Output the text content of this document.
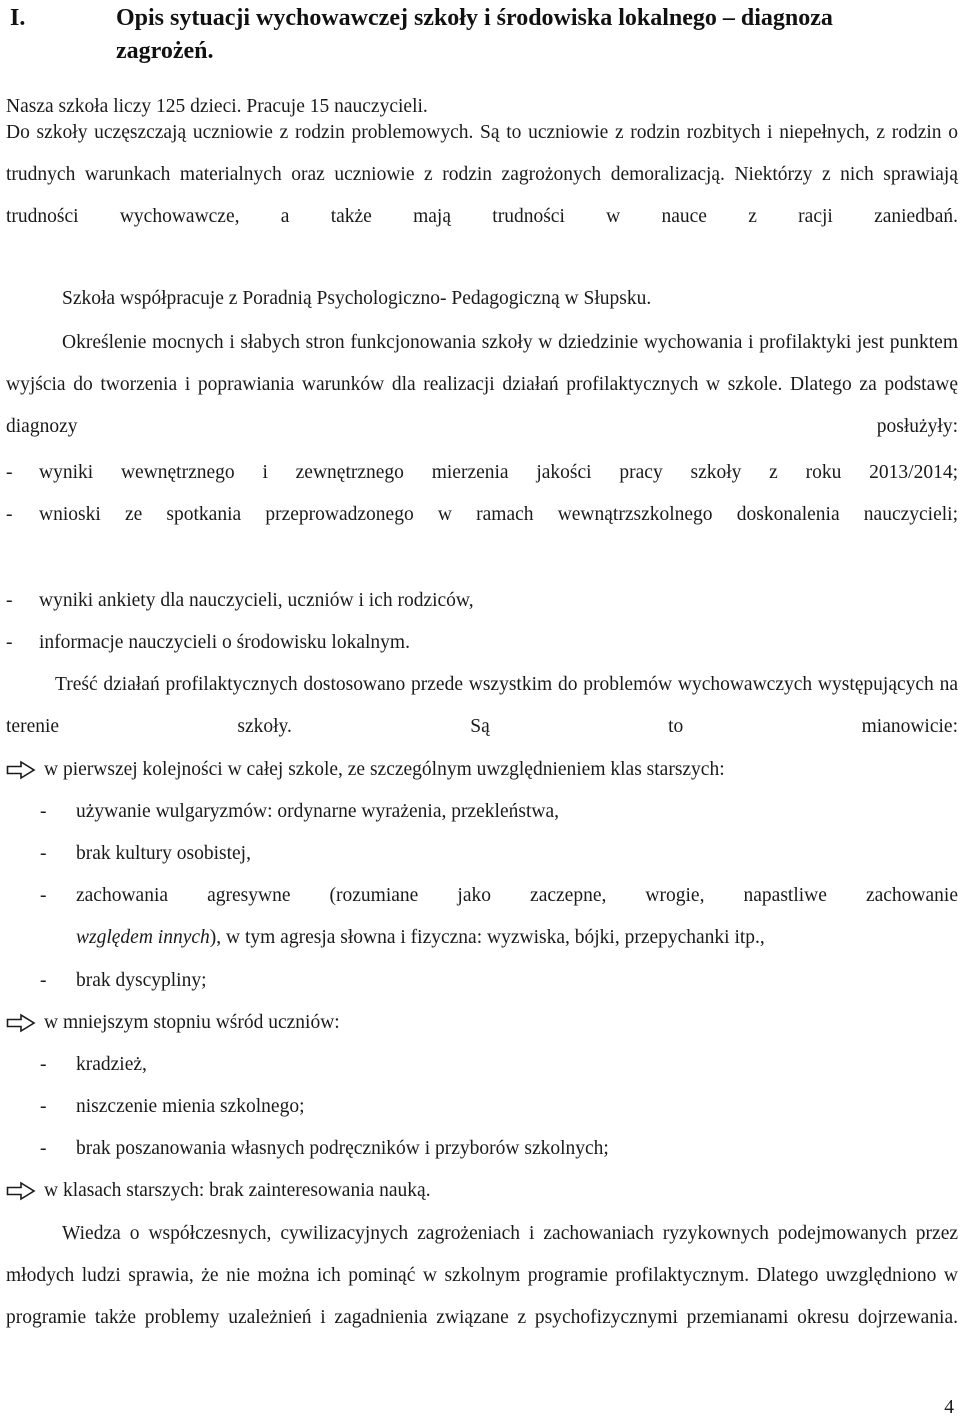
I.	Opis sytuacji wychowawczej szkoły i środowiska lokalnego – diagnoza zagrożeń.
Nasza szkoła liczy 125 dzieci. Pracuje 15 nauczycieli.
Do szkoły uczęszczają uczniowie z rodzin problemowych. Są to uczniowie z rodzin rozbitych i niepełnych, z rodzin o trudnych warunkach materialnych oraz uczniowie z rodzin zagrożonych demoralizacją. Niektórzy z nich sprawiają trudności wychowawcze, a także mają trudności w nauce z racji zaniedbań.
Szkoła współpracuje z Poradnią Psychologiczno- Pedagogiczną w Słupsku.
Określenie mocnych i słabych stron funkcjonowania szkoły w dziedzinie wychowania i profilaktyki jest punktem wyjścia do tworzenia i poprawiania warunków dla realizacji działań profilaktycznych w szkole. Dlatego za podstawę diagnozy posłużyły:
- wyniki wewnętrznego i zewnętrznego mierzenia jakości pracy szkoły z roku 2013/2014;
- wnioski ze spotkania przeprowadzonego w ramach wewnątrzszkolnego doskonalenia nauczycieli;
- wyniki ankiety dla nauczycieli, uczniów i ich rodziców,
- informacje nauczycieli o środowisku lokalnym.
Treść działań profilaktycznych dostosowano przede wszystkim do problemów wychowawczych występujących na terenie szkoły. Są to mianowicie:
w pierwszej kolejności w całej szkole, ze szczególnym uwzględnieniem klas starszych:
- używanie wulgaryzmów: ordynarne wyrażenia, przekleństwa,
- brak kultury osobistej,
- zachowania agresywne (rozumiane jako zaczepne, wrogie, napastliwe zachowanie
względem innych), w tym agresja słowna i fizyczna: wyzwiska, bójki, przepychanki itp.,
- brak dyscypliny;
w mniejszym stopniu wśród uczniów:
- kradzież,
- niszczenie mienia szkolnego;
- brak poszanowania własnych podręczników i przyborów szkolnych;
w klasach starszych: brak zainteresowania nauką.
Wiedza o współczesnych, cywilizacyjnych zagrożeniach i zachowaniach ryzykownych podejmowanych przez młodych ludzi sprawia, że nie można ich pominąć w szkolnym programie profilaktycznym. Dlatego uwzględniono w programie także problemy uzależnień i zagadnienia związane z psychofizycznymi przemianami okresu dojrzewania.
4
